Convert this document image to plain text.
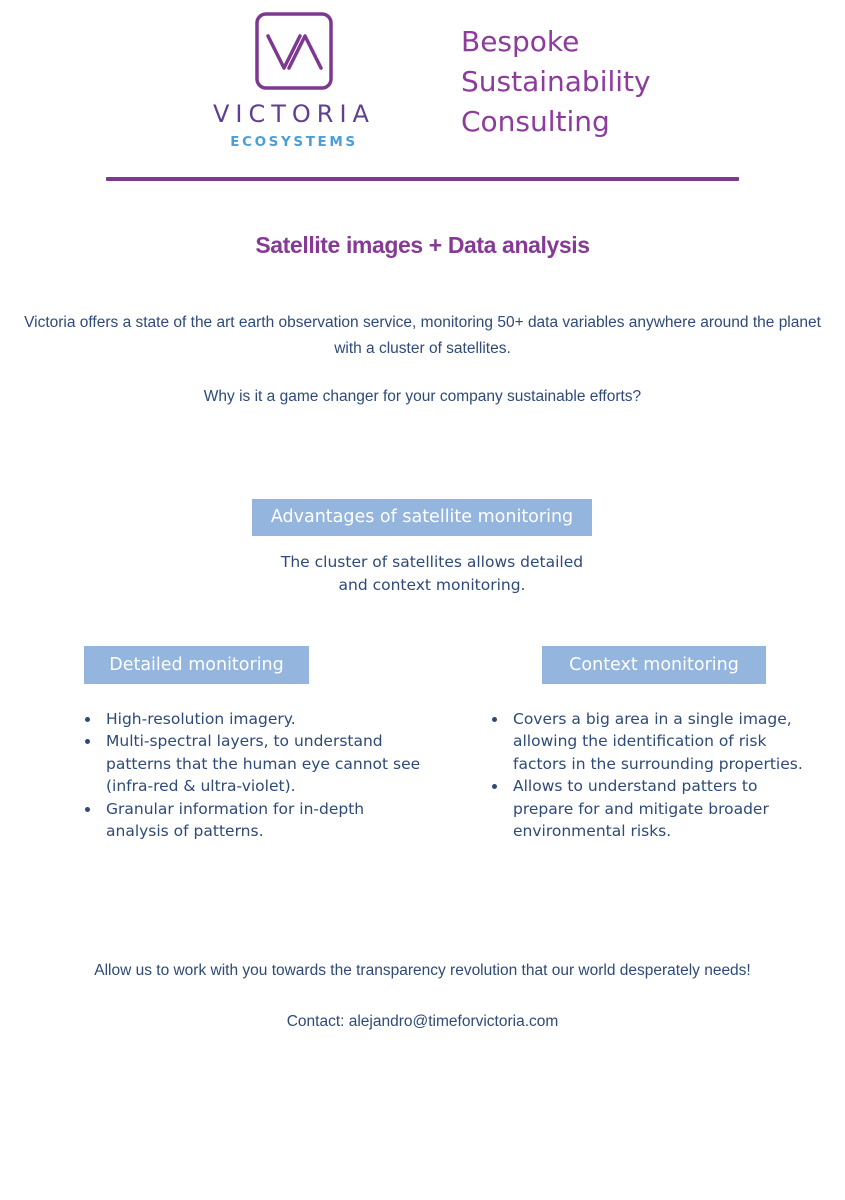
VICTORIA
ECOSYSTEMS
Bespoke
Sustainability
Consulting
Satellite images + Data analysis
Victoria offers a state of the art earth observation service, monitoring 50+ data variables anywhere around the planet with a cluster of satellites.
Why is it a game changer for your company sustainable efforts?
Advantages of satellite monitoring
The cluster of satellites allows detailed
and context monitoring.
Detailed monitoring
High-resolution imagery.
Multi-spectral layers, to understand patterns that the human eye cannot see (infra-red & ultra-violet).
Granular information for in-depth analysis of patterns.
Context monitoring
Covers a big area in a single image, allowing the identification of risk factors in the surrounding properties.
Allows to understand patters to prepare for and mitigate broader environmental risks.
Allow us to work with you towards the transparency revolution that our world desperately needs!
Contact: alejandro@timeforvictoria.com
